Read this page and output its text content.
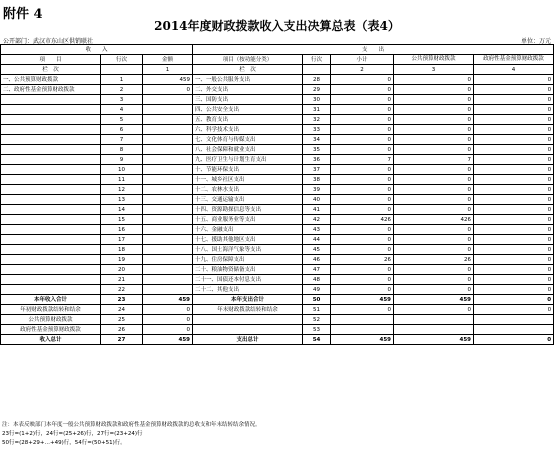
附件 4
2014年度财政拨款收入支出决算总表（表4）
公开部门：武汉市东山区供销联社	单位：万元
收　　入			支　　出				
项　　目	行次	金额	项目（按功能分类）	行次	小计	公共预算财政拨款	政府性基金预算财政拨款
栏　次		1	栏　次		2	3	4
一、公共预算财政拨款	1	459	一、一般公共服务支出	28	0	0	0
二、政府性基金预算财政拨款	2	0	二、外交支出	29	0	0	0
	3		三、国防支出	30	0	0	0
	4		四、公共安全支出	31	0	0	0
	5		五、教育支出	32	0	0	0
	6		六、科学技术支出	33	0	0	0
	7		七、文化体育与传媒支出	34	0	0	0
	8		八、社会保障和就业支出	35	0	0	0
	9		九、医疗卫生与计划生育支出	36	7	7	0
	10		十、节能环保支出	37	0	0	0
	11		十一、城乡社区支出	38	0	0	0
	12		十二、农林水支出	39	0	0	0
	13		十三、交通运输支出	40	0	0	0
	14		十四、资源勘探信息等支出	41	0	0	0
	15		十五、商业服务业等支出	42	426	426	0
	16		十六、金融支出	43	0	0	0
	17		十七、援助其他地区支出	44	0	0	0
	18		十八、国土海洋气象等支出	45	0	0	0
	19		十九、住房保障支出	46	26	26	0
	20		二十、粮油物资储备支出	47	0	0	0
	21		二十一、国债还本付息支出	48	0	0	0
	22		二十二、其他支出	49	0	0	0
本年收入合计	23	459	本年支出合计	50	459	459	0
年初财政拨款结转和结余	24	0	年末财政拨款结转和结余	51	0	0	0
公共预算财政拨款	25	0		52			
政府性基金预算财政拨款	26	0		53			
收入总计	27	459	支出总计	54	459	459	0
注：本表反映部门本年度一般公共预算财政拨款和政府性基金预算财政拨款的总收支和年末结转结余情况。
23行=(1+2)行，24行=(25+26)行，27行=(23+24)行
50行=(28+29+…+49)行，54行=(50+51)行。
